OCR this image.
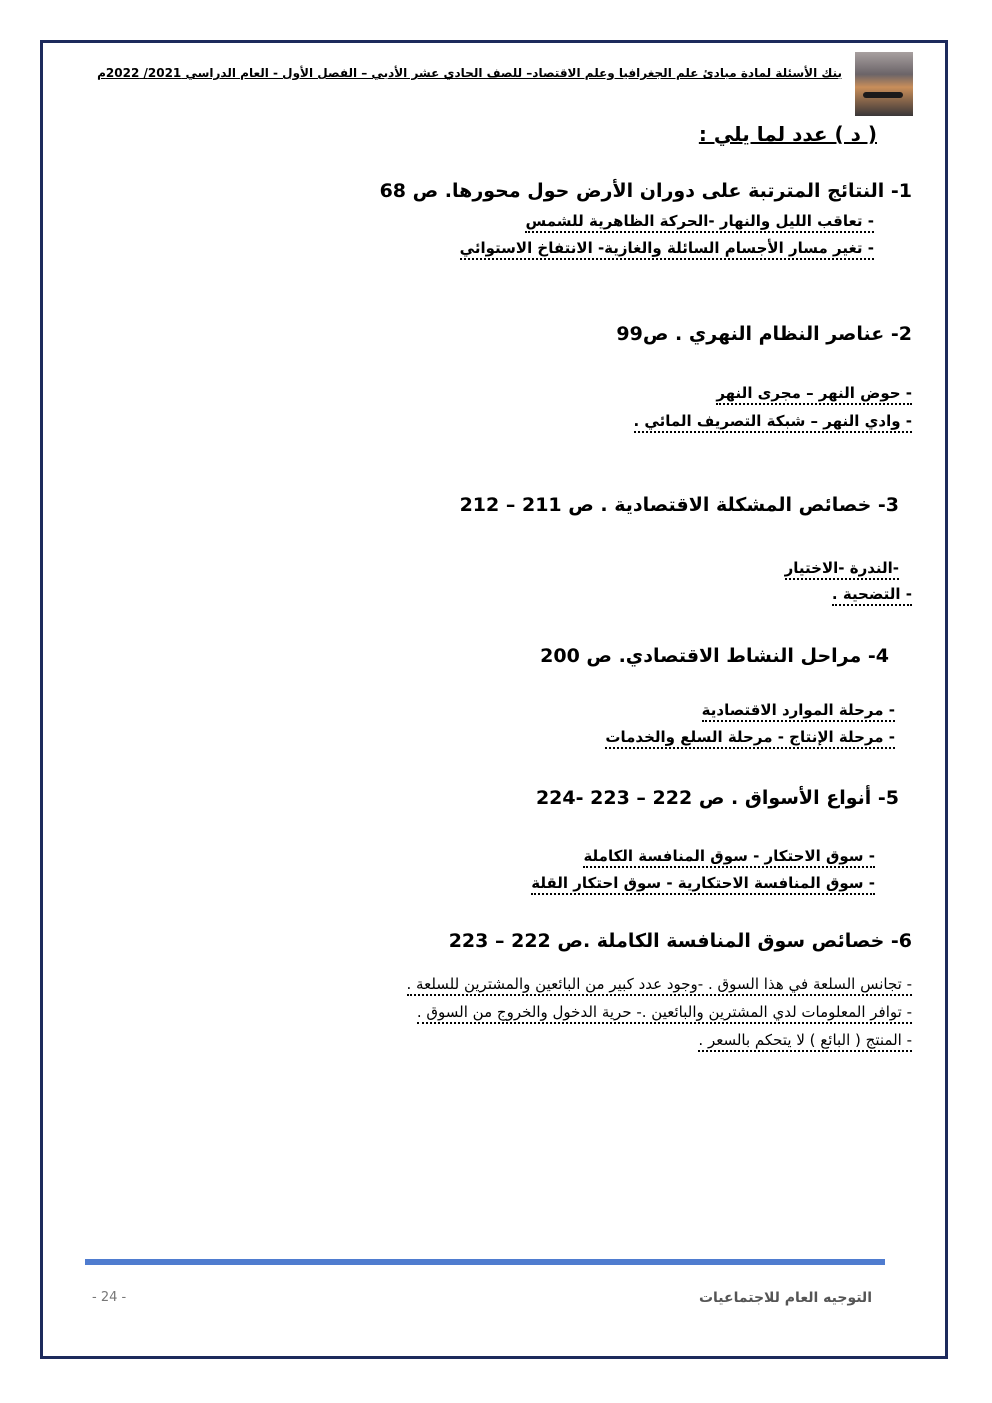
بنك الأسئلة لمادة مبادئ علم الجغرافيا وعلم الاقتصاد– للصف الحادي عشر الأدبي – الفصل الأول - العام الدراسي 2021/ 2022م
( د ) عدد لما يلي :
1- النتائج المترتبة على دوران الأرض حول محورها. ص 68
- تعاقب الليل والنهار -الحركة الظاهرية للشمس
- تغير مسار الأجسام السائلة والغازية- الانتفاخ الاستوائي
2- عناصر النظام النهري . ص99
- حوض النهر – مجرى النهر
- وادي النهر – شبكة التصريف المائي .
3- خصائص المشكلة الاقتصادية . ص 211 – 212
-الندرة -الاختيار
- التضحية .
4- مراحل النشاط الاقتصادي. ص 200
- مرحلة الموارد الاقتصادية
- مرحلة الإنتاج - مرحلة السلع والخدمات
5- أنواع الأسواق . ص 222 – 223 -224
- سوق الاحتكار - سوق المنافسة الكاملة
- سوق المنافسة الاحتكارية - سوق احتكار القلة
6- خصائص سوق المنافسة الكاملة .ص 222 – 223
- تجانس السلعة في هذا السوق . -وجود عدد كبير من البائعين والمشترين للسلعة .
- توافر المعلومات لدي المشترين والبائعين .- حرية الدخول والخروج من السوق .
- المنتج ( البائع ) لا يتحكم بالسعر .
التوجيه العام للاجتماعيات
- 24 -
